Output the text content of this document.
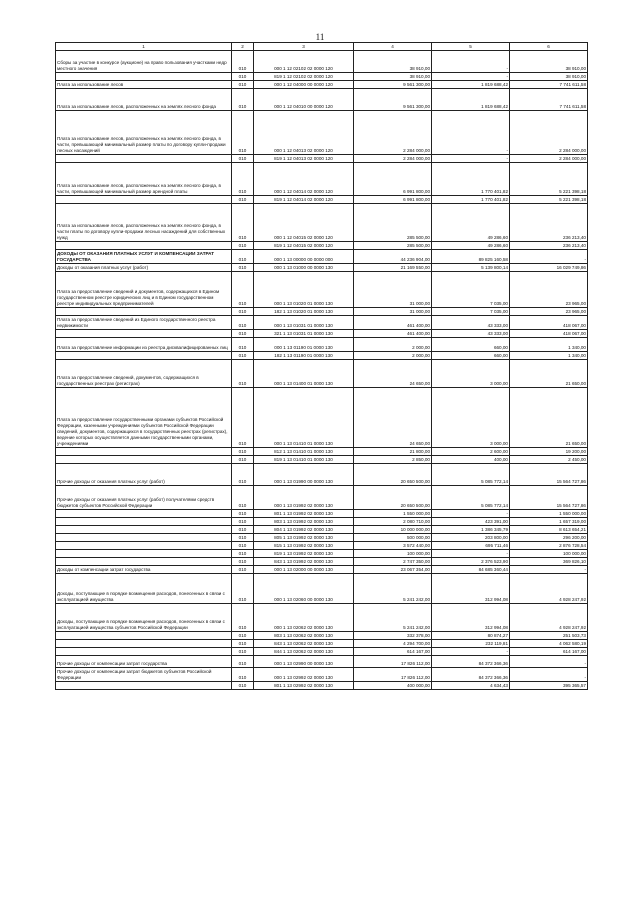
11
1	2	3	4	5	6
Сборы за участие в конкурсе (аукционе) на право пользования участками недр местного значения	010	000 1 12 02102 02 0000 120	38 910,00	-	38 910,00
	010	819 1 12 02102 02 0000 120	38 910,00	-	38 910,00
Плата за использование лесов	010	000 1 12 04000 00 0000 120	9 561 300,00	1 819 688,42	7 741 611,58
Плата за использование лесов, расположенных на землях лесного фонда	010	000 1 12 04010 00 0000 120	9 561 300,00	1 819 688,42	7 741 611,58
Плата за использование лесов, расположенных на землях лесного фонда, в части, превышающей минимальный размер платы по договору купли-продажи лесных насаждений	010	000 1 12 04013 02 0000 120	2 284 000,00	-	2 284 000,00
	010	819 1 12 04013 02 0000 120	2 284 000,00	-	2 284 000,00
Плата за использование лесов, расположенных на землях лесного фонда, в части, превышающей минимальный размер арендной платы	010	000 1 12 04014 02 0000 120	6 991 800,00	1 770 401,82	5 221 398,18
	010	819 1 12 04014 02 0000 120	6 991 800,00	1 770 401,82	5 221 398,18
Плата за использование лесов, расположенных на землях лесного фонда, в части платы по договору купли-продажи лесных насаждений для собственных нужд	010	000 1 12 04015 02 0000 120	285 500,00	49 286,60	236 213,40
	010	819 1 12 04015 02 0000 120	285 500,00	49 286,60	236 213,40
ДОХОДЫ ОТ ОКАЗАНИЯ ПЛАТНЫХ УСЛУГ И КОМПЕНСАЦИИ ЗАТРАТ ГОСУДАРСТВА	010	000 1 13 00000 00 0000 000	44 236 904,00	89 825 160,58	-
Доходы от оказания платных услуг (работ)	010	000 1 13 01000 00 0000 130	21 169 550,00	5 139 800,14	16 029 749,86
Плата за предоставление сведений и документов, содержащихся в Едином государственном реестре юридических лиц и в Едином государственном реестре индивидуальных предпринимателей	010	000 1 13 01020 01 0000 130	31 000,00	7 035,00	23 965,00
	010	182 1 13 01020 01 0000 130	31 000,00	7 035,00	23 965,00
Плата за предоставление сведений из Единого государственного реестра недвижимости	010	000 1 13 01031 01 0000 130	461 400,00	43 333,00	418 067,00
	010	321 1 13 01031 01 0000 130	461 400,00	43 333,00	418 067,00
Плата за предоставление информации из реестра дисквалифицированных лиц	010	000 1 13 01190 01 0000 130	2 000,00	660,00	1 340,00
	010	182 1 13 01190 01 0000 130	2 000,00	660,00	1 340,00
Плата за предоставление сведений, документов, содержащихся в государственных реестрах (регистрах)	010	000 1 13 01400 01 0000 130	24 650,00	3 000,00	21 650,00
Плата за предоставление государственными органами субъектов Российской Федерации, казенными учреждениями субъектов Российской Федерации сведений, документов, содержащихся в государственных реестрах (регистрах), ведение которых осуществляется данными государственными органами, учреждениями	010	000 1 13 01410 01 0000 130	24 650,00	3 000,00	21 650,00
	010	812 1 13 01410 01 0000 130	21 800,00	2 600,00	19 200,00
	010	819 1 13 01410 01 0000 130	2 850,00	400,00	2 450,00
Прочие доходы от оказания платных услуг (работ)	010	000 1 13 01990 00 0000 130	20 650 500,00	5 085 772,14	15 564 727,86
Прочие доходы от оказания платных услуг (работ) получателями средств бюджетов субъектов Российской Федерации	010	000 1 13 01992 02 0000 130	20 650 500,00	5 085 772,14	15 564 727,86
	010	801 1 13 01992 02 0000 130	1 550 000,00	-	1 550 000,00
	010	803 1 13 01992 02 0000 130	2 080 710,00	423 391,00	1 657 319,00
	010	804 1 13 01992 02 0000 130	10 000 000,00	1 386 345,79	8 613 654,21
	010	805 1 13 01992 02 0000 130	500 000,00	203 800,00	296 200,00
	010	815 1 13 01992 02 0000 130	3 572 440,00	695 711,46	2 876 728,54
	010	819 1 13 01992 02 0000 130	100 000,00	-	100 000,00
	010	843 1 13 01992 02 0000 130	2 747 350,00	2 376 523,90	369 826,10
Доходы от компенсации затрат государства	010	000 1 13 02000 00 0000 130	23 067 354,00	84 685 360,44	-
Доходы, поступающие в порядке возмещения расходов, понесенных в связи с эксплуатацией имущества	010	000 1 13 02060 00 0000 130	5 241 242,00	312 994,08	4 928 247,92
Доходы, поступающие в порядке возмещения расходов, понесенных в связи с эксплуатацией имущества субъектов Российской Федерации	010	000 1 13 02062 02 0000 130	5 241 242,00	312 994,08	4 928 247,92
	010	803 1 13 02062 02 0000 130	332 378,00	80 874,27	251 503,73
	010	843 1 13 02062 02 0000 130	4 294 700,00	232 119,81	4 062 580,19
	010	844 1 13 02062 02 0000 130	614 167,00	-	614 167,00
Прочие доходы от компенсации затрат государства	010	000 1 13 02990 00 0000 130	17 826 112,00	84 372 366,36	-
Прочие доходы от компенсации затрат бюджетов субъектов Российской Федерации	010	000 1 13 02992 02 0000 130	17 826 112,00	84 372 366,36	-
	010	801 1 13 02992 02 0000 130	400 000,00	4 634,43	395 365,57
